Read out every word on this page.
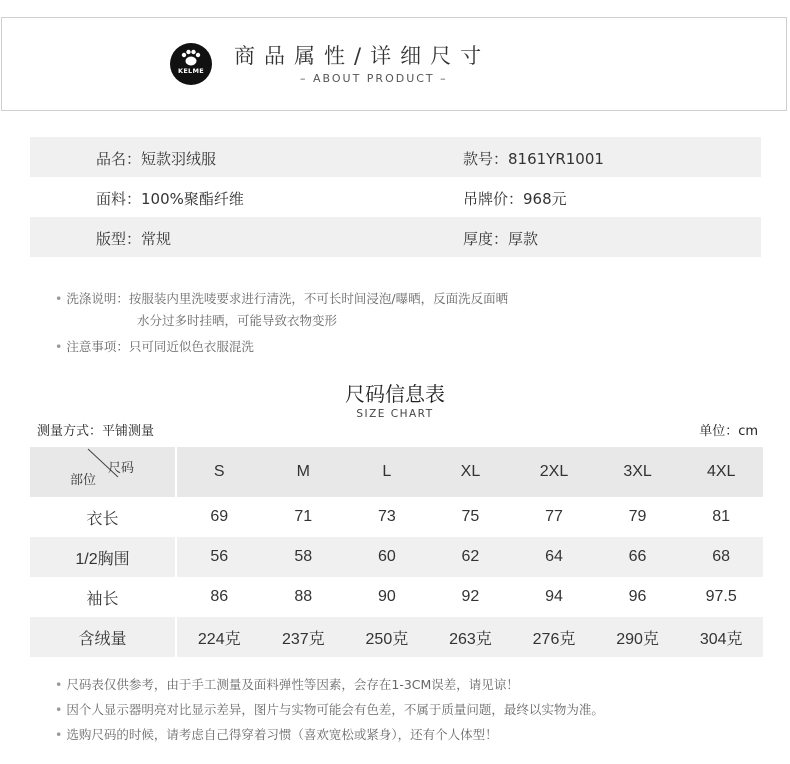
KELME
商品属性/详细尺寸
– ABOUT PRODUCT –
品名：短款羽绒服	款号：8161YR1001
面料：100%聚酯纤维	吊牌价：968元
版型：常规	厚度：厚款
• 洗涤说明：按服装内里洗唛要求进行清洗，不可长时间浸泡/曝晒，反面洗反面晒
水分过多时挂晒，可能导致衣物变形
• 注意事项：只可同近似色衣服混洗
尺码信息表
SIZE CHART
测量方式：平铺测量	单位：cm
尺码
部位	S	M	L	XL	2XL	3XL	4XL
衣长	69	71	73	75	77	79	81
1/2胸围	56	58	60	62	64	66	68
袖长	86	88	90	92	94	96	97.5
含绒量	224克	237克	250克	263克	276克	290克	304克
• 尺码表仅供参考，由于手工测量及面料弹性等因素，会存在1-3CM误差，请见谅！
• 因个人显示器明亮对比显示差异，图片与实物可能会有色差，不属于质量问题，最终以实物为准。
• 选购尺码的时候，请考虑自己得穿着习惯（喜欢宽松或紧身），还有个人体型！
